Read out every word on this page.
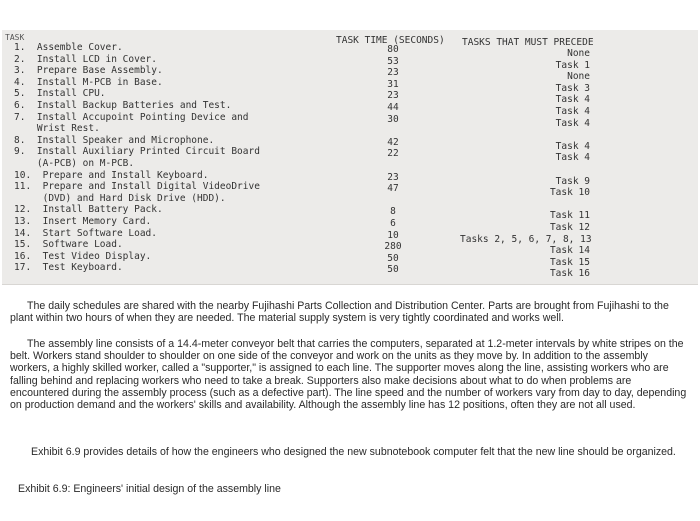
TASK	TASK TIME (SECONDS) TASKS THAT MUST PRECEDE
1.  Assemble Cover.
2.  Install LCD in Cover.
3.  Prepare Base Assembly.
4.  Install M-PCB in Base.
5.  Install CPU.
6.  Install Backup Batteries and Test.
7.  Install Accupoint Pointing Device and
Wrist Rest.
8.  Install Speaker and Microphone.
9.  Install Auxiliary Printed Circuit Board
(A-PCB) on M-PCB.
10.  Prepare and Install Keyboard.
11.  Prepare and Install Digital VideoDrive
(DVD) and Hard Disk Drive (HDD).
12.  Install Battery Pack.
13.  Insert Memory Card.
14.  Start Software Load.
15.  Software Load.
16.  Test Video Display.
17.  Test Keyboard.
80
53
23
31
23
44
30
42
22
23
47
8
6
10
280
50
50
None
Task 1
None
Task 3
Task 4
Task 4
Task 4
Task 4
Task 4
Task 9
Task 10
Task 11
Task 12
Tasks 2, 5, 6, 7, 8, 13
Task 14
Task 15
Task 16
The daily schedules are shared with the nearby Fujihashi Parts Collection and Distribution Center. Parts are brought from Fujihashi to the plant within two hours of when they are needed. The material supply system is very tightly coordinated and works well.
The assembly line consists of a 14.4-meter conveyor belt that carries the computers, separated at 1.2-meter intervals by white stripes on the belt. Workers stand shoulder to shoulder on one side of the conveyor and work on the units as they move by. In addition to the assembly workers, a highly skilled worker, called a "supporter," is assigned to each line. The supporter moves along the line, assisting workers who are falling behind and replacing workers who need to take a break. Supporters also make decisions about what to do when problems are encountered during the assembly process (such as a defective part). The line speed and the number of workers vary from day to day, depending on production demand and the workers' skills and availability. Although the assembly line has 12 positions, often they are not all used.
Exhibit 6.9 provides details of how the engineers who designed the new subnotebook computer felt that the new line should be organized.
Exhibit 6.9: Engineers' initial design of the assembly line
